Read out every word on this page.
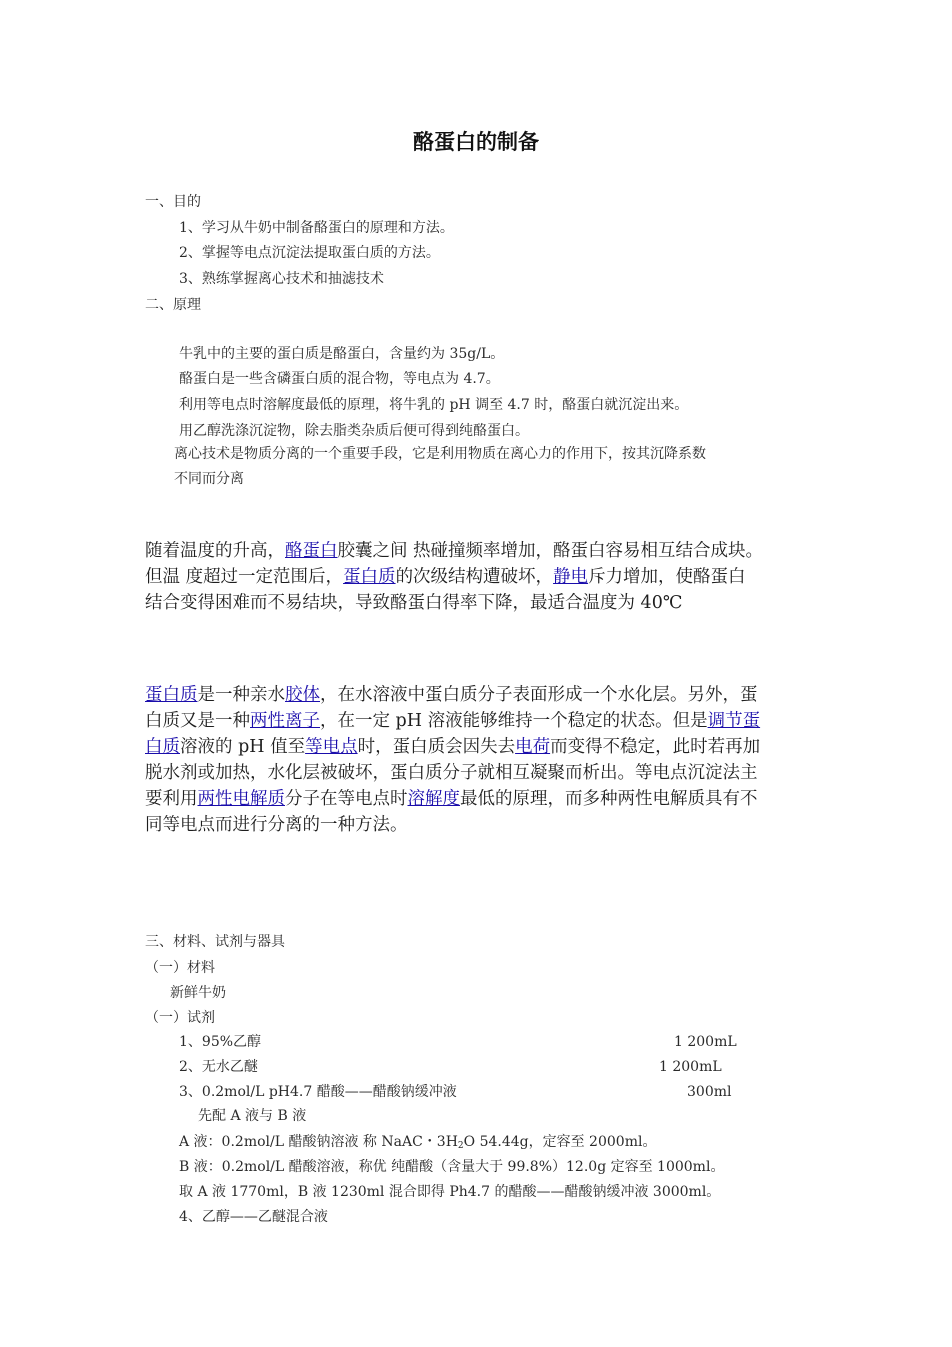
酪蛋白的制备
一、目的
1、学习从牛奶中制备酪蛋白的原理和方法。
2、掌握等电点沉淀法提取蛋白质的方法。
3、熟练掌握离心技术和抽滤技术
二、原理
牛乳中的主要的蛋白质是酪蛋白，含量约为 35g/L。
酪蛋白是一些含磷蛋白质的混合物，等电点为 4.7。
利用等电点时溶解度最低的原理，将牛乳的 pH 调至 4.7 时，酪蛋白就沉淀出来。
用乙醇洗涤沉淀物，除去脂类杂质后便可得到纯酪蛋白。
离心技术是物质分离的一个重要手段，它是利用物质在离心力的作用下，按其沉降系数
不同而分离
随着温度的升高，酪蛋白胶囊之间 热碰撞频率增加，酪蛋白容易相互结合成块。
但温 度超过一定范围后，蛋白质的次级结构遭破坏，静电斥力增加，使酪蛋白
结合变得困难而不易结块，导致酪蛋白得率下降，最适合温度为 40℃
蛋白质是一种亲水胶体，在水溶液中蛋白质分子表面形成一个水化层。另外，蛋
白质又是一种两性离子，在一定 pH 溶液能够维持一个稳定的状态。但是调节蛋
白质溶液的 pH 值至等电点时，蛋白质会因失去电荷而变得不稳定，此时若再加
脱水剂或加热，水化层被破坏，蛋白质分子就相互凝聚而析出。等电点沉淀法主
要利用两性电解质分子在等电点时溶解度最低的原理，而多种两性电解质具有不
同等电点而进行分离的一种方法。
三、材料、试剂与器具
（一）材料
新鲜牛奶
（一）试剂
1、95%乙醇	1 200mL
2、无水乙醚	1 200mL
3、0.2mol/L pH4.7 醋酸——醋酸钠缓冲液	300ml
先配 A 液与 B 液
A 液：0.2mol/L 醋酸钠溶液 称 NaAC・$3H_2O$ 54.44g，定容至 2000ml。
B 液：0.2mol/L 醋酸溶液，称优 纯醋酸（含量大于 99.8%）12.0g 定容至 1000ml。
取 A 液 1770ml，B 液 1230ml 混合即得 Ph4.7 的醋酸——醋酸钠缓冲液 3000ml。
4、乙醇——乙醚混合液
